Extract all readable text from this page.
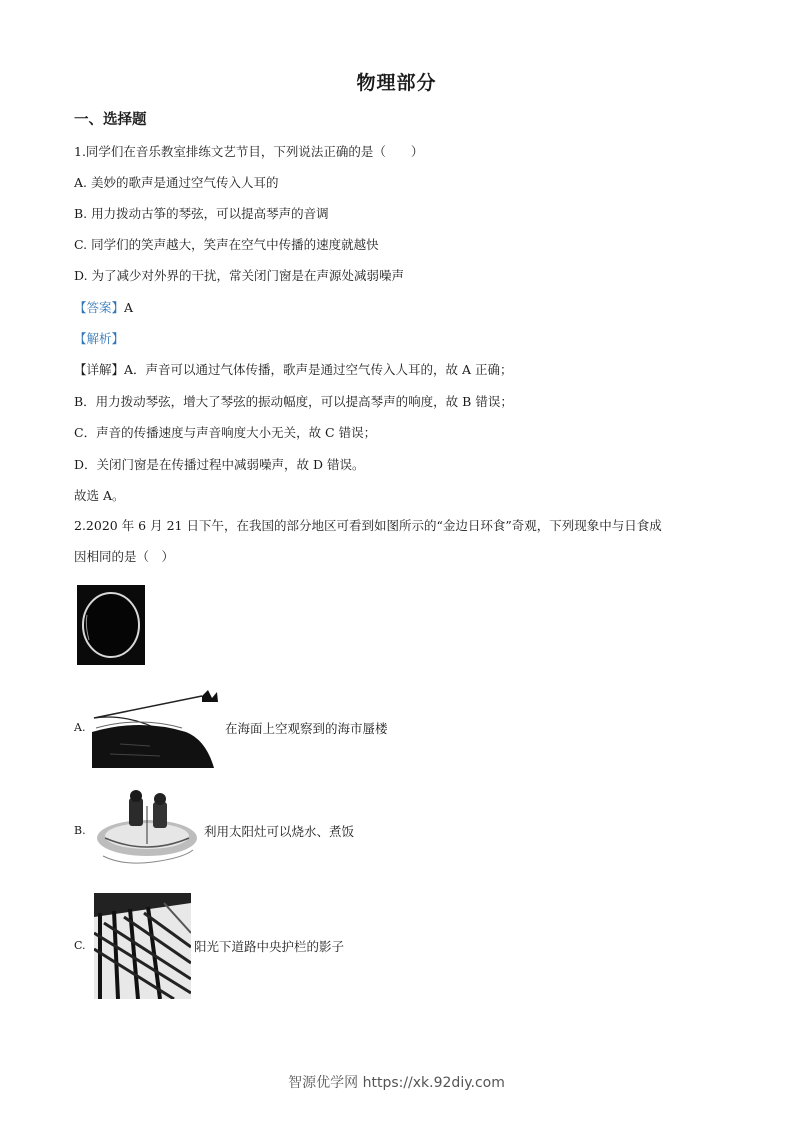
物理部分
一、选择题
1.同学们在音乐教室排练文艺节目，下列说法正确的是（　　）
A. 美妙的歌声是通过空气传入人耳的
B. 用力拨动古筝的琴弦，可以提高琴声的音调
C. 同学们的笑声越大，笑声在空气中传播的速度就越快
D. 为了减少对外界的干扰，常关闭门窗是在声源处减弱噪声
【答案】A
【解析】
【详解】A．声音可以通过气体传播，歌声是通过空气传入人耳的，故 A 正确；
B．用力拨动琴弦，增大了琴弦的振动幅度，可以提高琴声的响度，故 B 错误；
C．声音的传播速度与声音响度大小无关，故 C 错误；
D．关闭门窗是在传播过程中减弱噪声，故 D 错误。
故选 A。
2.2020 年 6 月 21 日下午，在我国的部分地区可看到如图所示的“金边日环食”奇观，下列现象中与日食成
因相同的是（　）
A.	在海面上空观察到的海市蜃楼
B.	利用太阳灶可以烧水、煮饭
C.	阳光下道路中央护栏的影子
智源优学网 https://xk.92diy.com
